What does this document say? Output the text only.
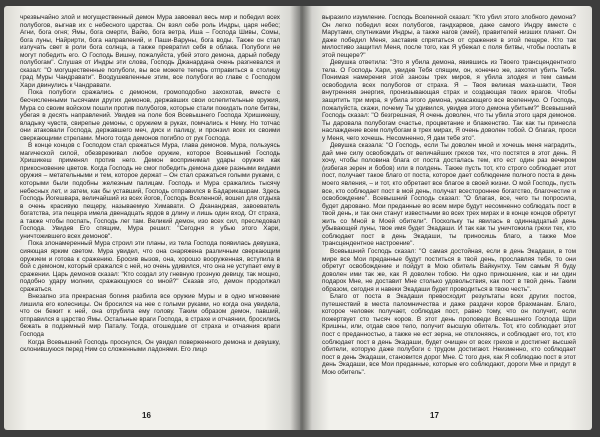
чрезвычайно злой и могущественный демон Мура завоевал весь мир и победил всех полубогов, выгнав их с небесного царства. Он взял себе роль Индры, царя небес; Агни, бога огня; Ямы, бога смерти, Вайю, бога ветра, Иша – Господа Шивы, Сомы, бога луны, Найрирти, бога направлений, и Паши-Варуны, бога воды. Также он стал излучать свет в роли бога солнца, а также превратил себя в облака. Полубоги не могут победить его. О Господь Вишну, пожалуйста, убей этого демона, дарый победу полубогам". Слушая от Индры эти слова, Господь Джанардана очень разгневался и сказал: "О могущественные полубоги, вы все можете теперь отправиться в столицу град Муры Чандравати". Воодушевленные этим, все полубоги во главе с Господом Хари двинулись к Чандравати.

Пока полубоги сражались с демоном, громоподобно захохотав, вместе с бесчисленными тысячами других демонов, державших свои ослепительные оружия, Мура со своим войском пошли против полубогов, которые стали покидать поле битвы, убегая в десять направлений. Увидев на поле боя Всевышнего Господа Хришикешу, владыку чувств, свирепые демоны, с оружием в руках, помчались к Нему. Но тотчас они атаковали Господа, державшего меч, диск и палицу, и пронзил всех их своими сверкающими стрелами. Много тогда демонов погибло от рук Господа.

В конце концов с Господом стал сражаться Мура, глава демонов. Мура, пользуясь магической силой, обезвреживал любое оружие, которое Всевышний Господь Хришикеш применял против него. Демон воспринимал удары оружия как прикосновение цветов. Когда Господь не смог победить демона даже разными видами оружия – метательными и тем, которое держат – Он стал сражаться голыми руками, с которыми были подобны железным палицам. Господь и Мура сражались тысячу небесных лет, и затем, как бы уставший, Господь отправился в Бадарикашрам. Здесь Господь Йогешвара, величайший из всех йогов, Господь Вселенной, вошел для отдыха в очень красивую пещеру, называемую Химавати. О Дхананджая, завоеватель богатства, эта пещера имела двенадцать ярдов в длину и лишь один вход. От страха, а также чтобы поспать, Господь лег там. Великий демон, изо всех сил, преследовал Господа. Увидев Его спящим, Мура решил: "Сегодня я убью этого Хари, уничтожившего всех демонов".

Пока злонамеренный Мура строил эти планы, из тела Господа появилась девушка, сияющая ярким светом. Мура увидел, что она снаряжена различным сверкающим оружием и готова к сражению. Бросив вызов, она, хорошо вооруженная, вступила в бой с демоном, который сражался с ней, но очень удивился, что она не уступает ему в сражении. Царь демонов сказал: "Кто создал эту гневную грозную девицу, так мощно, подобно удару молнии, сражающуюся со мной?" Сказав это, демон продолжал сражаться.

Внезапно эта прекрасная богиня разбила все оружие Муры и в одно мгновение лишила его колесницы. Он бросился на нее с голыми руками, но когда она увидела, что он бежит к ней, она отрубила ему голову. Таким образом демон, павший, отправился в царство Ямы. Остальные враги Господа, в страхе и отчаянии, бросились бежать в подземный мир Паталу. Тогда, отошедшие от страха и отчаяния враги Господа

Когда Всевышний Господь проснулся, Он увидел поверженного демона и девушку, склонившуюся перед Ним со сложенными ладонями. Его лицо

16

выразило изумление. Господь Вселенной сказал: "Кто убил этого злобного демона? Он легко победил всех полубогов, гандхарвов, даже самого Индру вместе с Марутами, спутниками Индры, а также нагов (змей), правителей низших планет. Он даже победил Меня, заставив спрятаться от сражения в этой пещере. Кто так милостиво защитил Меня, после того, как Я убежал с поля битвы, чтобы поспать в этой пещере?"

Девушка ответила: "Это я убила демона, явившись из Твоего трансцендентного тела. О Господь Хари, увидев Тебя спящим, он, конечно же, захотел убить Тебя. Понимая намерения этой занозы трех миров, я убила злодея и тем самым освободила всех полубогов от страха. Я – Твоя великая маха-шакти, Твоя внутренняя энергия, пронизывающая страх и создающая твоих врагов. Чтобы защитить три мира, я убила этого демона, ужасающего все вселенную. О Господь, пожалуйста, скажи, почему Ты удивился, увидев этого демона убитым?" Всевышний Господь сказал: "О безгрешная, Я очень доволен, что ты убила этого царя демонов. Ты даровала полубогам счастье, процветание и блаженство. Так как ты принесла наслаждение всем полубогам в трех мирах, Я очень доволен тобой. О благая, проси у Меня, чего хочешь. Несомненно, Я дам тебе это".

Девушка сказала: "О Господь, если Ты доволен мной и хочешь меня наградить, дай мне силу освобождать от величайших грехов тех, что постятся в этот день. Я хочу, чтобы половина блага от поста досталась тем, кто ест один раз вечером (избегая зерен и бобов) или в полдень. Также пусть тот, кто строго соблюдает этот пост, получает такое благо от поста, которое дает соблюдение полного поста в день моего явления, – и тот, кто обретает все благое в своей жизни. О мой Господь, пусть все, кто соблюдает пост в мой день, получат всестороннее богатство, благочестие и освобождение". Всевышний Господь сказал: "О благая, все, чего ты попросила, будет даровано. Мои преданные во всем мире будут несомненно соблюдать пост в твой день, и так они станут известными во всех трех мирах и в конце концов обретут жить со Мной в Моей обители". Поскольку ты явилась в одиннадцатый день убывающей луны, твое имя будет Экадаши. И так как ты уничтожила грехи тех, кто соблюдает пост в день Экадаши, ты приносишь благо, а также Мое трансцендентное настроение".

Всевышний Господь сказал: "О самая достойная, если в день Экадаши, в том мире все Мои преданные будут поститься в твой день, прославляя тебя, то они обретут освобождение и пойдут в Мою обитель Вайкунтху. Тем самым Я буду доволен ими так же, как Я доволен тобою. Ни одно приношение, как и ни один подарок Мне, не доставит Мне столько удовольствия, как пост в твой день. Таким образом, сегодня и навеки Экадаши будет проводиться в твою честь".

Благо от поста в Экадаши превосходит результаты всех других постов, путешествий в места паломничества и даже раздачи коров брахманам. Благо, которое человек получает, соблюдая пост, равно тому, что он получит, если пожертвует сто тысяч коров. В этот день проповеди Всевышнего Господа Шри Кришны, или, отдав свое тело, получит высшую обитель. Тот, кто соблюдает этот пост с преданностью, а также не ест зерна, не отклоняясь, и соблюдает его, тот, кто соблюдает пост в день Экадаши, будет очищен от всех грехов и достигнет высшей обители, которую даже полубоги с трудом достигают. Неизменно, кто соблюдает пост в день Экадаши, становится дорог Мне. С того дня, как Я соблюдаю пост в этот день Экадаши, все Мои преданные, которые его соблюдают, дороги Мне и придут в Мою обитель".

17
